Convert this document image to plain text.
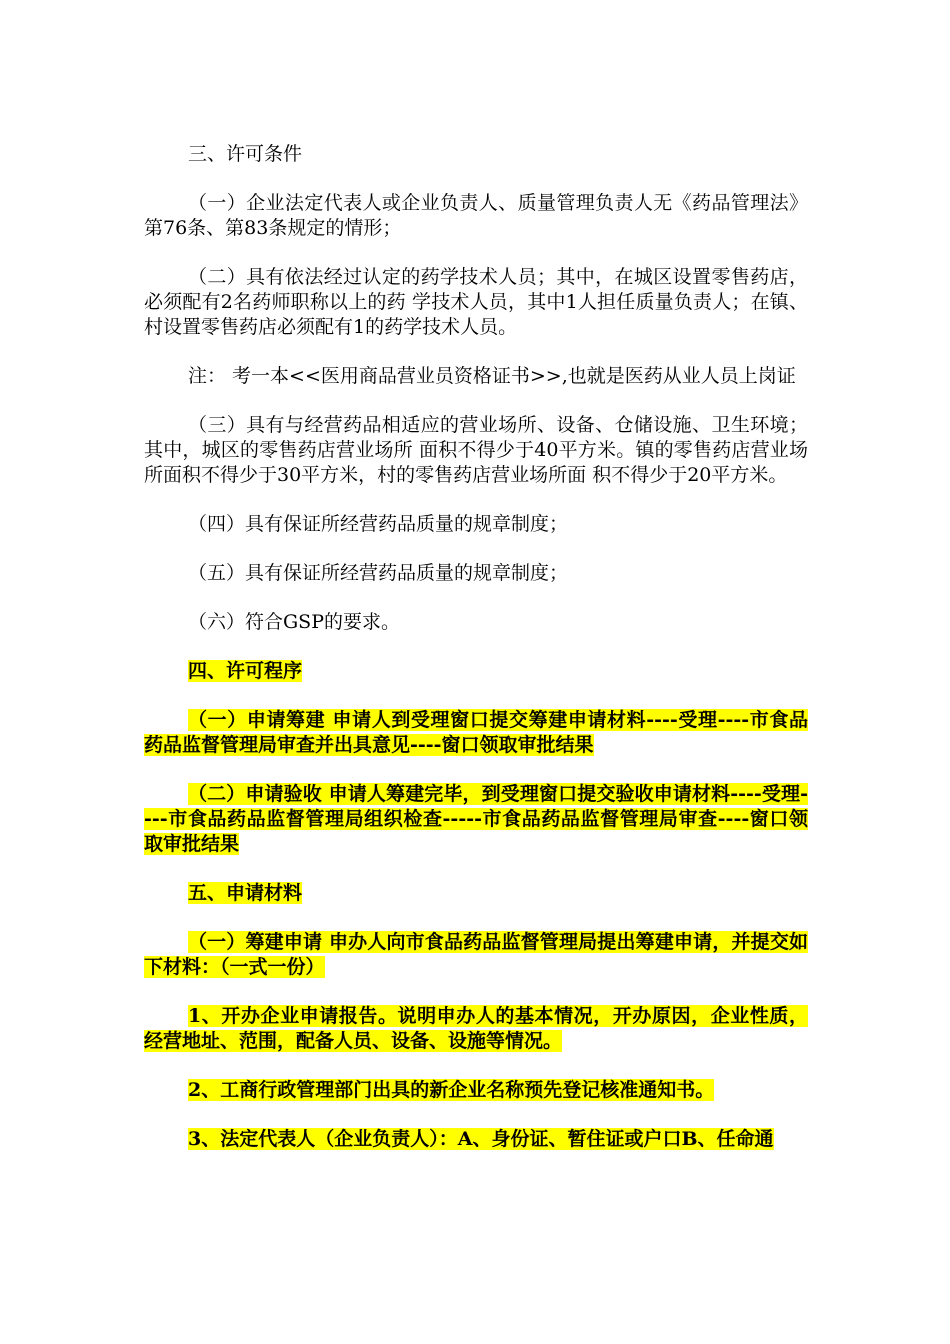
三、许可条件

（一）企业法定代表人或企业负责人、质量管理负责人无《药品管理法》第76条、第83条规定的情形；

（二）具有依法经过认定的药学技术人员；其中，在城区设置零售药店，必须配有2名药师职称以上的药 学技术人员，其中1人担任质量负责人；在镇、村设置零售药店必须配有1的药学技术人员。

注： 考一本<<医用商品营业员资格证书>>,也就是医药从业人员上岗证

（三）具有与经营药品相适应的营业场所、设备、仓储设施、卫生环境；其中，城区的零售药店营业场所 面积不得少于40平方米。镇的零售药店营业场所面积不得少于30平方米，村的零售药店营业场所面 积不得少于20平方米。

（四）具有保证所经营药品质量的规章制度；

（五）具有保证所经营药品质量的规章制度；

（六）符合GSP的要求。

四、许可程序

（一）申请筹建 申请人到受理窗口提交筹建申请材料----受理----市食品药品监督管理局审查并出具意见----窗口领取审批结果

（二）申请验收 申请人筹建完毕，到受理窗口提交验收申请材料----受理----市食品药品监督管理局组织检查-----市食品药品监督管理局审查----窗口领取审批结果

五、申请材料

（一）筹建申请 申办人向市食品药品监督管理局提出筹建申请，并提交如下材料：（一式一份）

1、开办企业申请报告。说明申办人的基本情况，开办原因，企业性质，经营地址、范围，配备人员、设备、设施等情况。

2、工商行政管理部门出具的新企业名称预先登记核准通知书。

3、法定代表人（企业负责人）：A、身份证、暂住证或户口B、任命通
